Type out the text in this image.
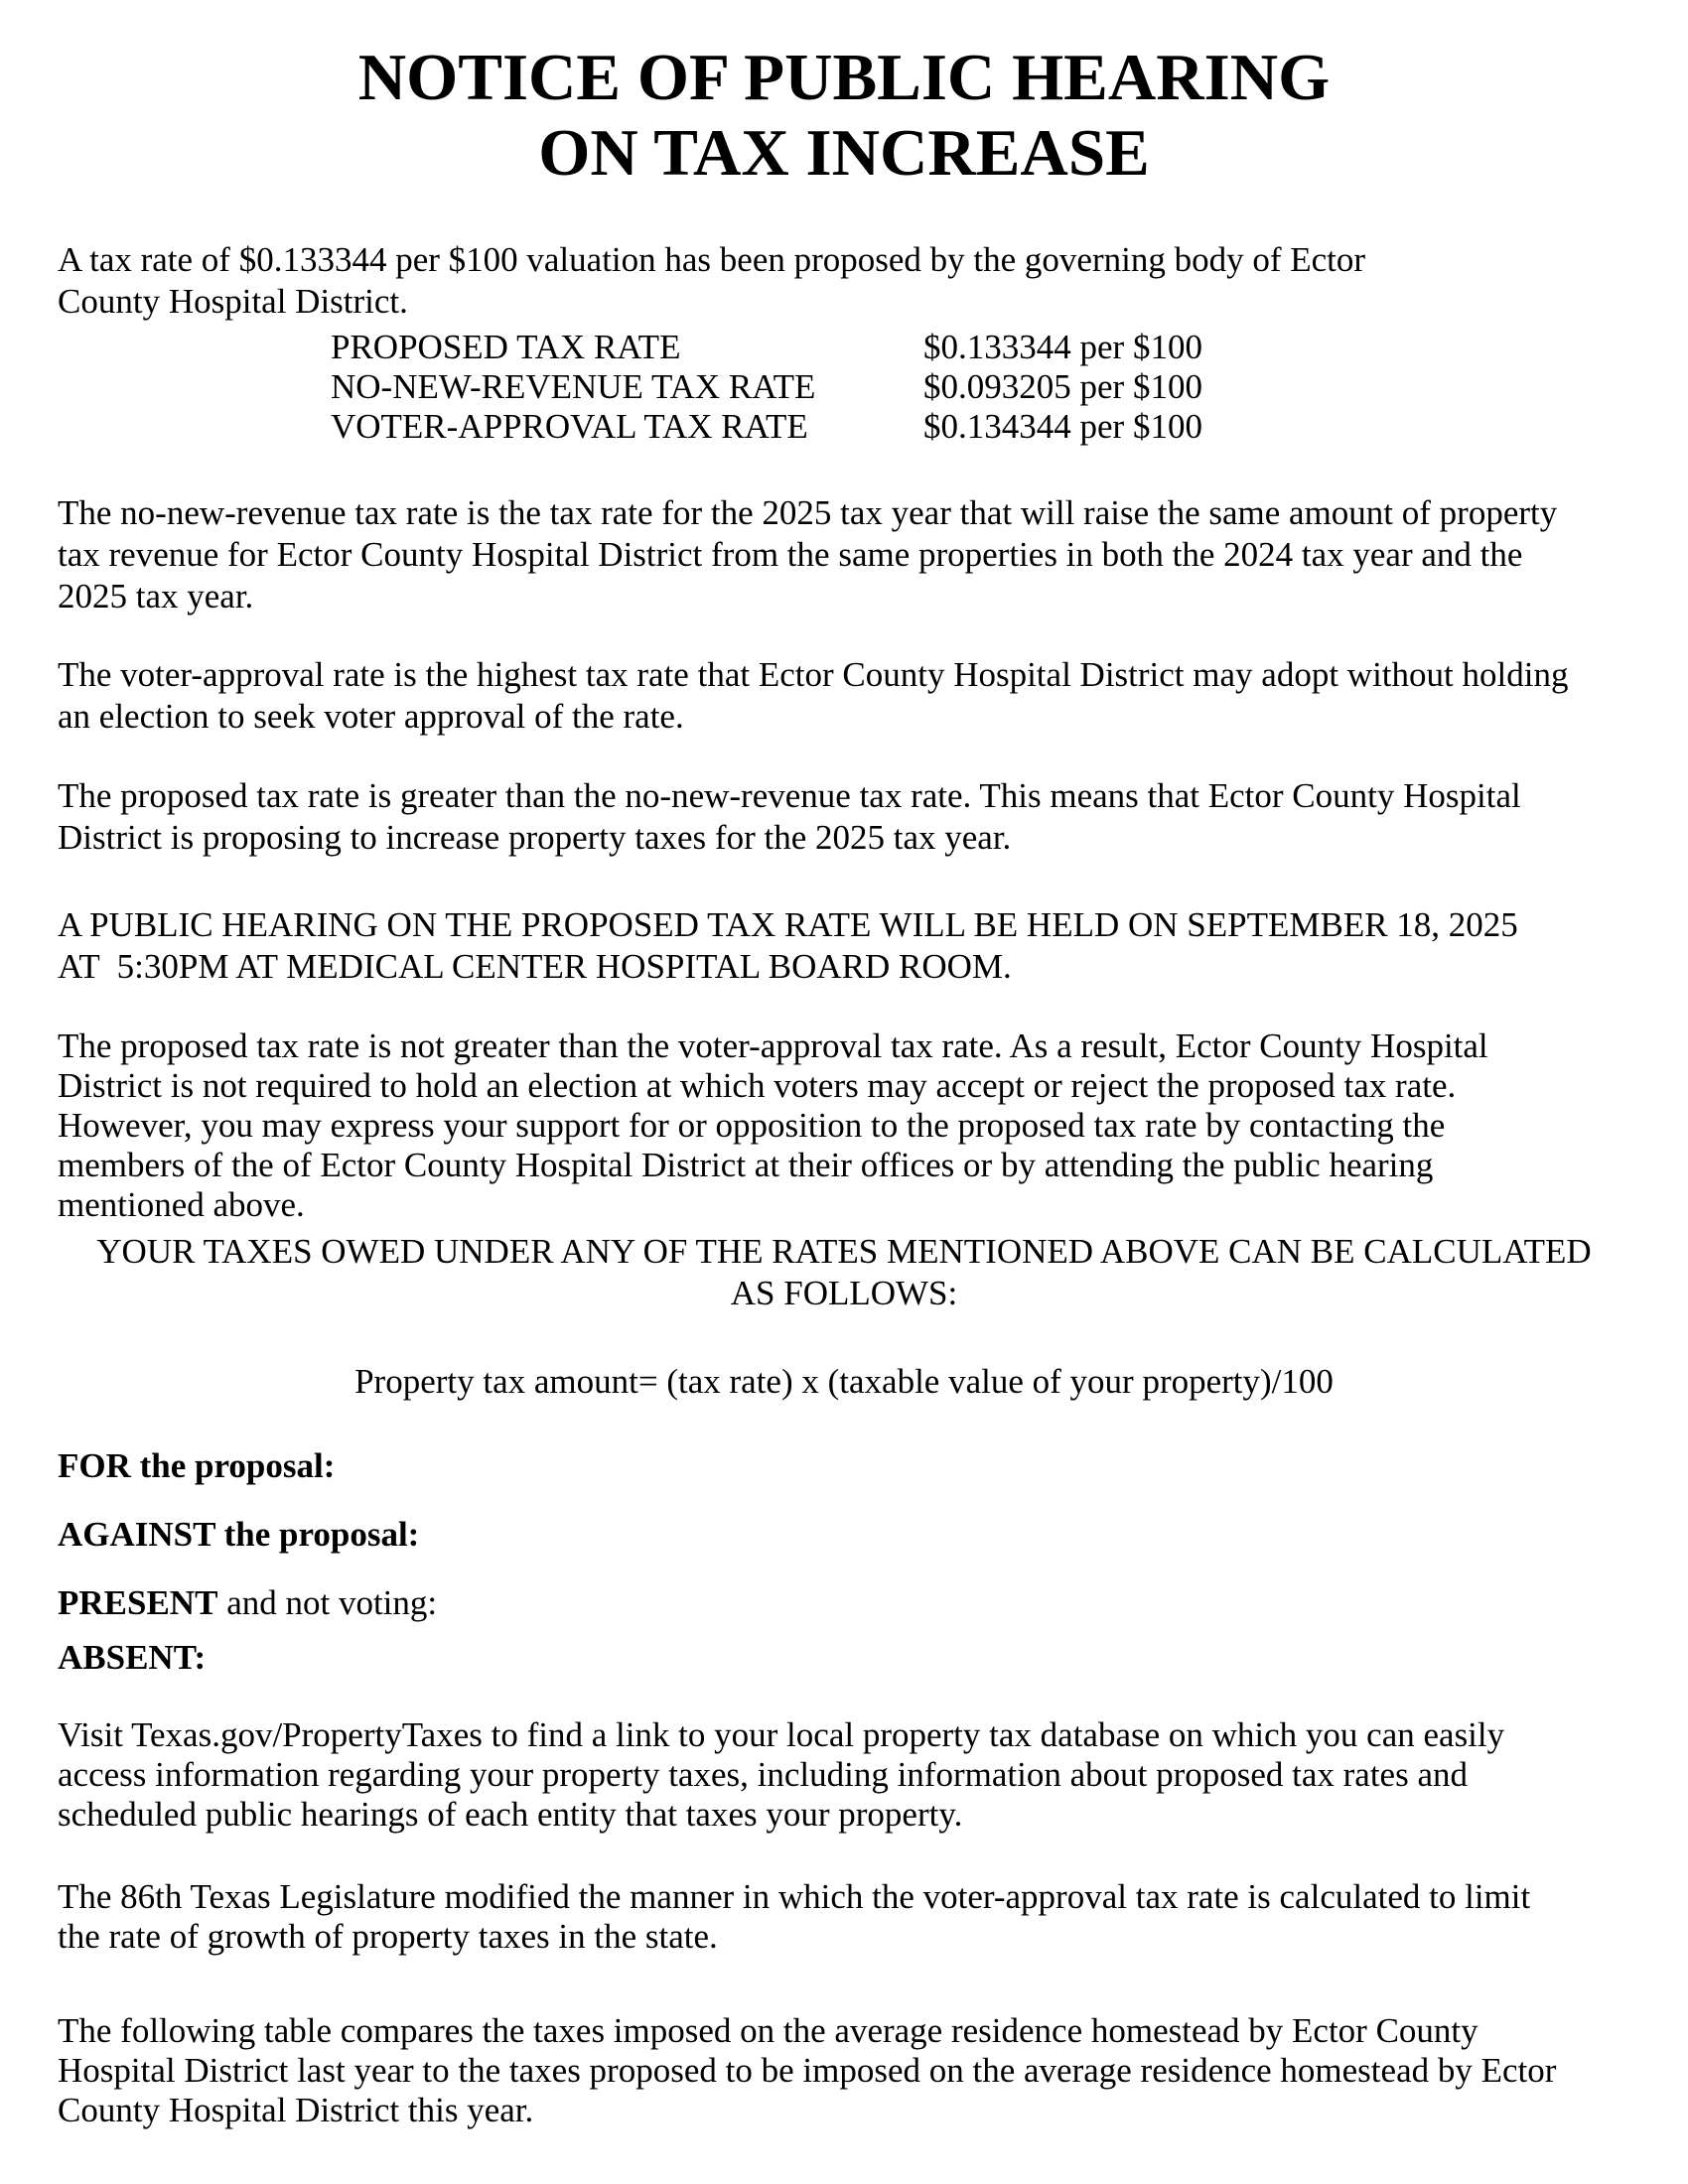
NOTICE OF PUBLIC HEARING
ON TAX INCREASE
A tax rate of $0.133344 per $100 valuation has been proposed by the governing body of Ector
County Hospital District.
PROPOSED TAX RATE	$0.133344 per $100
NO-NEW-REVENUE TAX RATE	$0.093205 per $100
VOTER-APPROVAL TAX RATE	$0.134344 per $100
The no-new-revenue tax rate is the tax rate for the 2025 tax year that will raise the same amount of property
tax revenue for Ector County Hospital District from the same properties in both the 2024 tax year and the
2025 tax year.
The voter-approval rate is the highest tax rate that Ector County Hospital District may adopt without holding
an election to seek voter approval of the rate.
The proposed tax rate is greater than the no-new-revenue tax rate. This means that Ector County Hospital
District is proposing to increase property taxes for the 2025 tax year.
A PUBLIC HEARING ON THE PROPOSED TAX RATE WILL BE HELD ON SEPTEMBER 18, 2025
AT  5:30PM AT MEDICAL CENTER HOSPITAL BOARD ROOM.
The proposed tax rate is not greater than the voter-approval tax rate. As a result, Ector County Hospital
District is not required to hold an election at which voters may accept or reject the proposed tax rate.
However, you may express your support for or opposition to the proposed tax rate by contacting the
members of the of Ector County Hospital District at their offices or by attending the public hearing
mentioned above.
YOUR TAXES OWED UNDER ANY OF THE RATES MENTIONED ABOVE CAN BE CALCULATED
AS FOLLOWS:
Property tax amount= (tax rate) x (taxable value of your property)/100
FOR the proposal:
AGAINST the proposal:
PRESENT and not voting:
ABSENT:
Visit Texas.gov/PropertyTaxes to find a link to your local property tax database on which you can easily
access information regarding your property taxes, including information about proposed tax rates and
scheduled public hearings of each entity that taxes your property.
The 86th Texas Legislature modified the manner in which the voter-approval tax rate is calculated to limit
the rate of growth of property taxes in the state.
The following table compares the taxes imposed on the average residence homestead by Ector County
Hospital District last year to the taxes proposed to be imposed on the average residence homestead by Ector
County Hospital District this year.
